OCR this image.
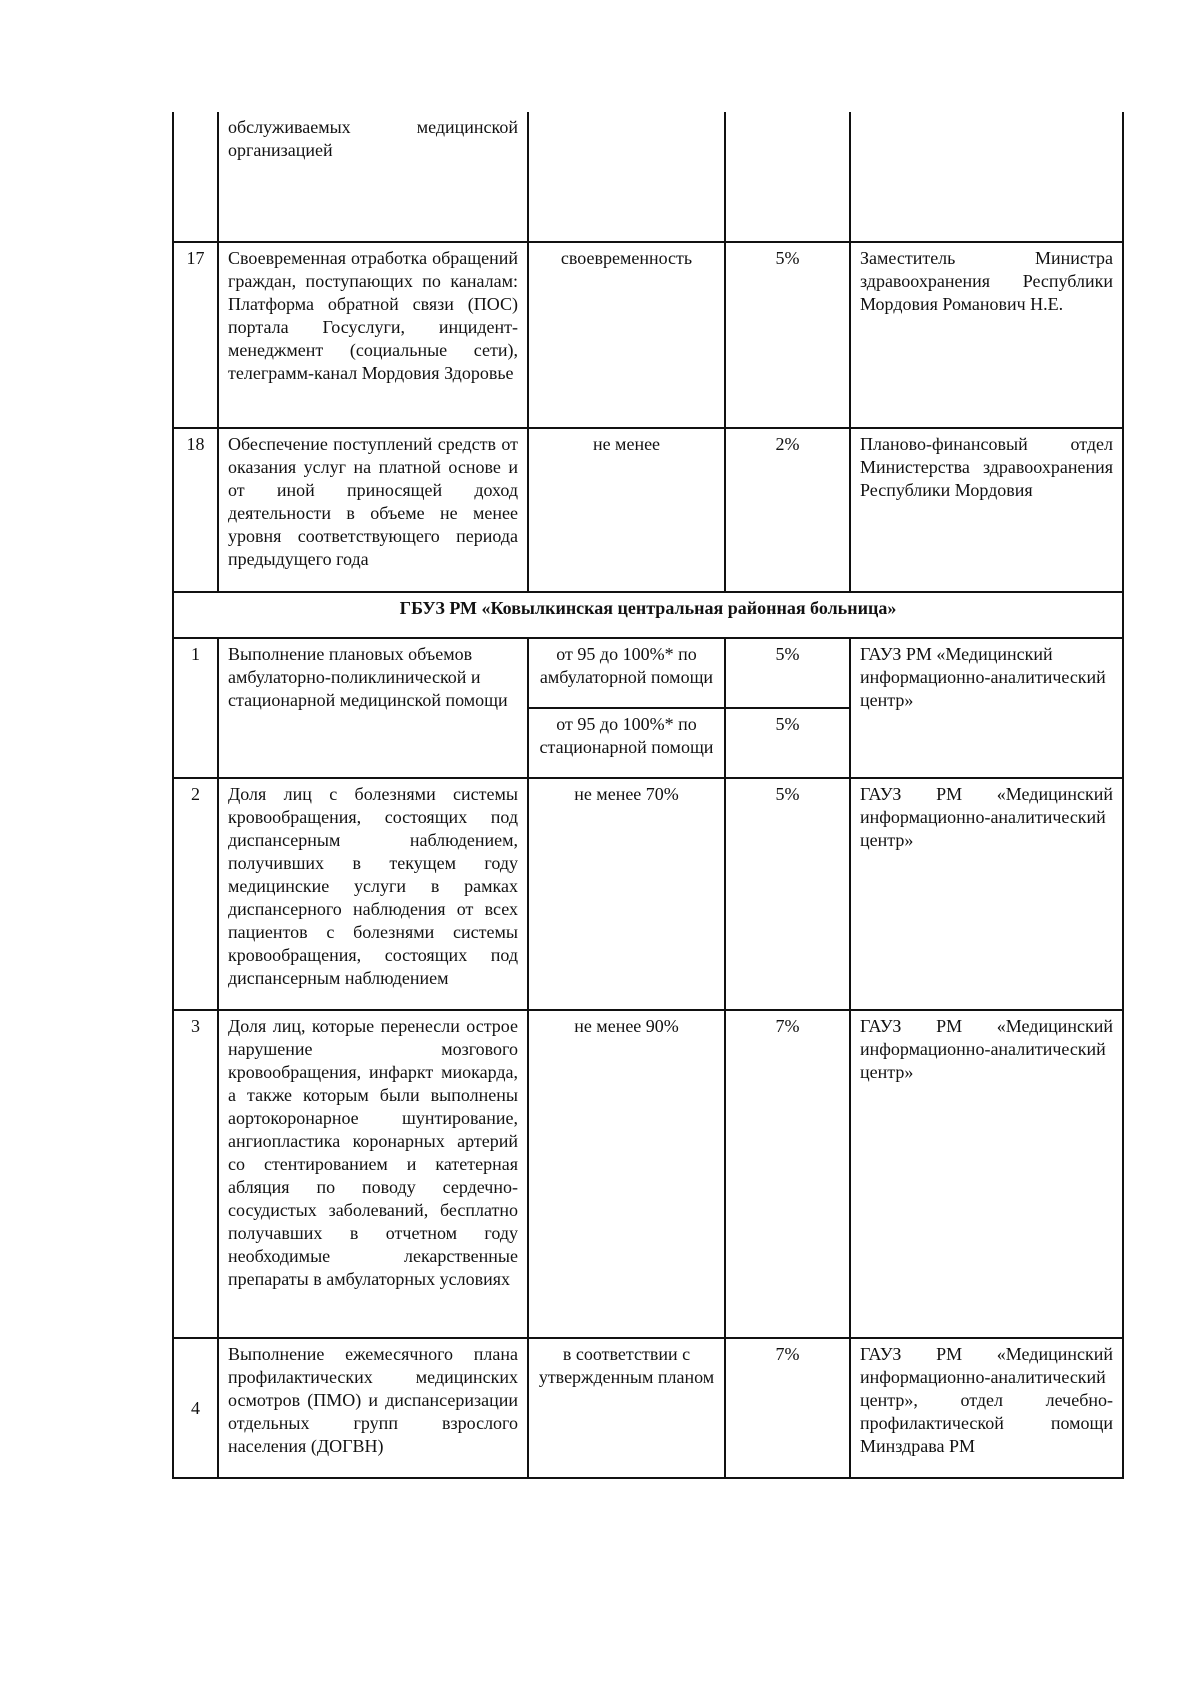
	обслуживаемых медицинской организацией			
17	Своевременная отработка обращений граждан, поступающих по каналам: Платформа обратной связи (ПОС) портала Госуслуги, инцидент-менеджмент (социальные сети), телеграмм-канал Мордовия Здоровье	своевременность	5%	Заместитель Министра здравоохранения Республики Мордовия Романович Н.Е.
18	Обеспечение поступлений средств от оказания услуг на платной основе и от иной приносящей доход деятельности в объеме не менее уровня соответствующего периода предыдущего года	не менее	2%	Планово-финансовый отдел Министерства здравоохранения Республики Мордовия
ГБУЗ РМ «Ковылкинская центральная районная больница»				
1	Выполнение плановых объемов амбулаторно-поликлинической и стационарной медицинской помощи	от 95 до 100%* по амбулаторной помощи	5%	ГАУЗ РМ «Медицинский информационно-аналитический центр»
		от 95 до 100%* по стационарной помощи	5%	
2	Доля лиц с болезнями системы кровообращения, состоящих под диспансерным наблюдением, получивших в текущем году медицинские услуги в рамках диспансерного наблюдения от всех пациентов с болезнями системы кровообращения, состоящих под диспансерным наблюдением	не менее 70%	5%	ГАУЗ РМ «Медицинский информационно-аналитический центр»
3	Доля лиц, которые перенесли острое нарушение мозгового кровообращения, инфаркт миокарда, а также которым были выполнены аортокоронарное шунтирование, ангиопластика коронарных артерий со стентированием и катетерная абляция по поводу сердечно-сосудистых заболеваний, бесплатно получавших в отчетном году необходимые лекарственные препараты в амбулаторных условиях	не менее 90%	7%	ГАУЗ РМ «Медицинский информационно-аналитический центр»
4	Выполнение ежемесячного плана профилактических медицинских осмотров (ПМО) и диспансеризации отдельных групп взрослого населения (ДОГВН)	в соответствии с утвержденным планом	7%	ГАУЗ РМ «Медицинский информационно-аналитический центр», отдел лечебно-профилактической помощи Минздрава РМ
